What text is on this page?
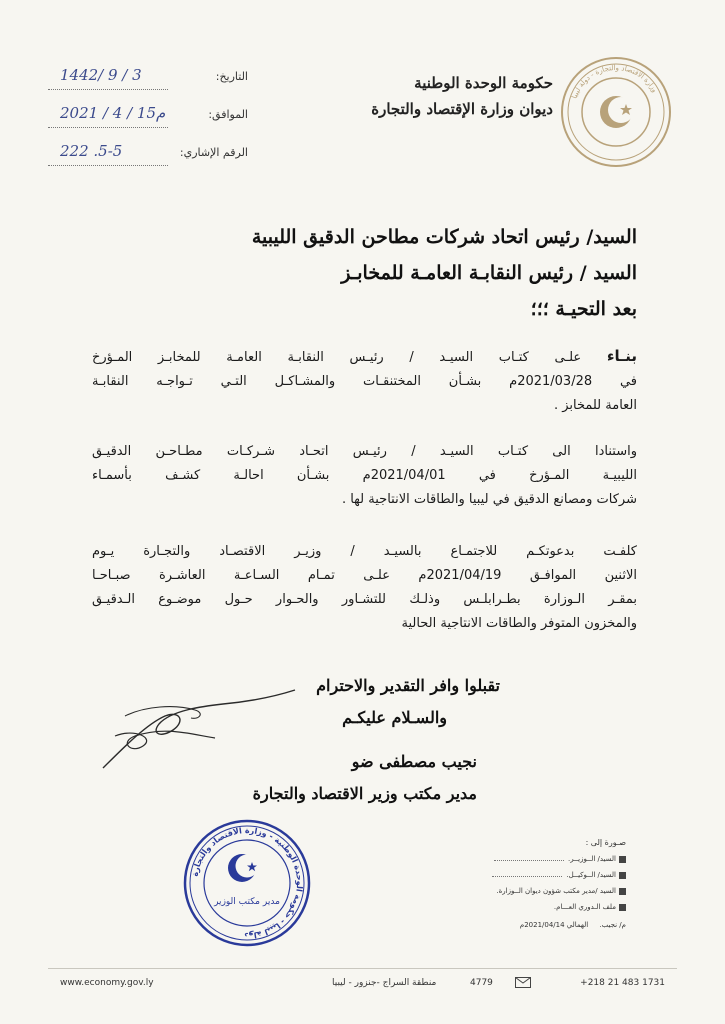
وزارة الاقتصاد والتجارة - دولة ليبيا
حكومة الوحدة الوطنية
ديوان وزارة الإقتصاد والتجارة
1442/ 9 / 3	التاريخ:
2021 / 4 / 15م	الموافق:
222 .5-5	الرقم الإشاري:
السيد/ رئيس اتحاد شركات مطاحن الدقيق الليبية
السيد / رئيس النقابـة العامـة للمخابـز
بعد التحيـة ؛؛؛
بنـاء علـى كتـاب السيـد / رئيـس النقابـة العامـة للمخابـز المـؤرخ
في 2021/03/28م بشـأن المختنقـات والمشـاكـل التـي تـواجـه النقابـة
العامة للمخابز .
واستنادا الى كتـاب السيـد / رئيـس اتحـاد شـركـات مطـاحـن الدقيـق
الليبيـة المـؤرخ في 2021/04/01م بشـأن احالـة كشـف بأسمـاء
شركات ومصانع الدقيق في ليبيا والطاقات الانتاجية لها .
كلفـت بدعوتكـم للاجتمـاع بالسيـد / وزيـر الاقتصـاد والتجـارة يـوم
الاثنين الموافـق 2021/04/19م علـى تمـام السـاعـة العاشـرة صبـاحـا
بمقـر الـوزارة بطـرابلـس وذلـك للتشـاور والحـوار حـول موضـوع الـدقيـق
والمخزون المتوفر والطاقات الانتاجية الحالية
تقبلوا وافر التقدير والاحترام
والسـلام عليكـم
نجيب مصطفى ضو
مدير مكتب وزير الاقتصاد والتجارة
دولة ليبيا - حكومة الوحدة الوطنية - وزارة الاقتصاد والتجارة
مدير مكتب الوزير
صـورة إلى :
السيد/ الــوزيــر.
السيد/ الــوكيــل.
السيد /مدير مكتب شؤون ديوان الــوزارة.
ملف الـدوري العـــام.
م/ نجيب.     الهمالي 2021/04/14م
www.economy.gov.ly	منطقة السراج -جنزور - ليبيا	4779	+218 21 483 1731
